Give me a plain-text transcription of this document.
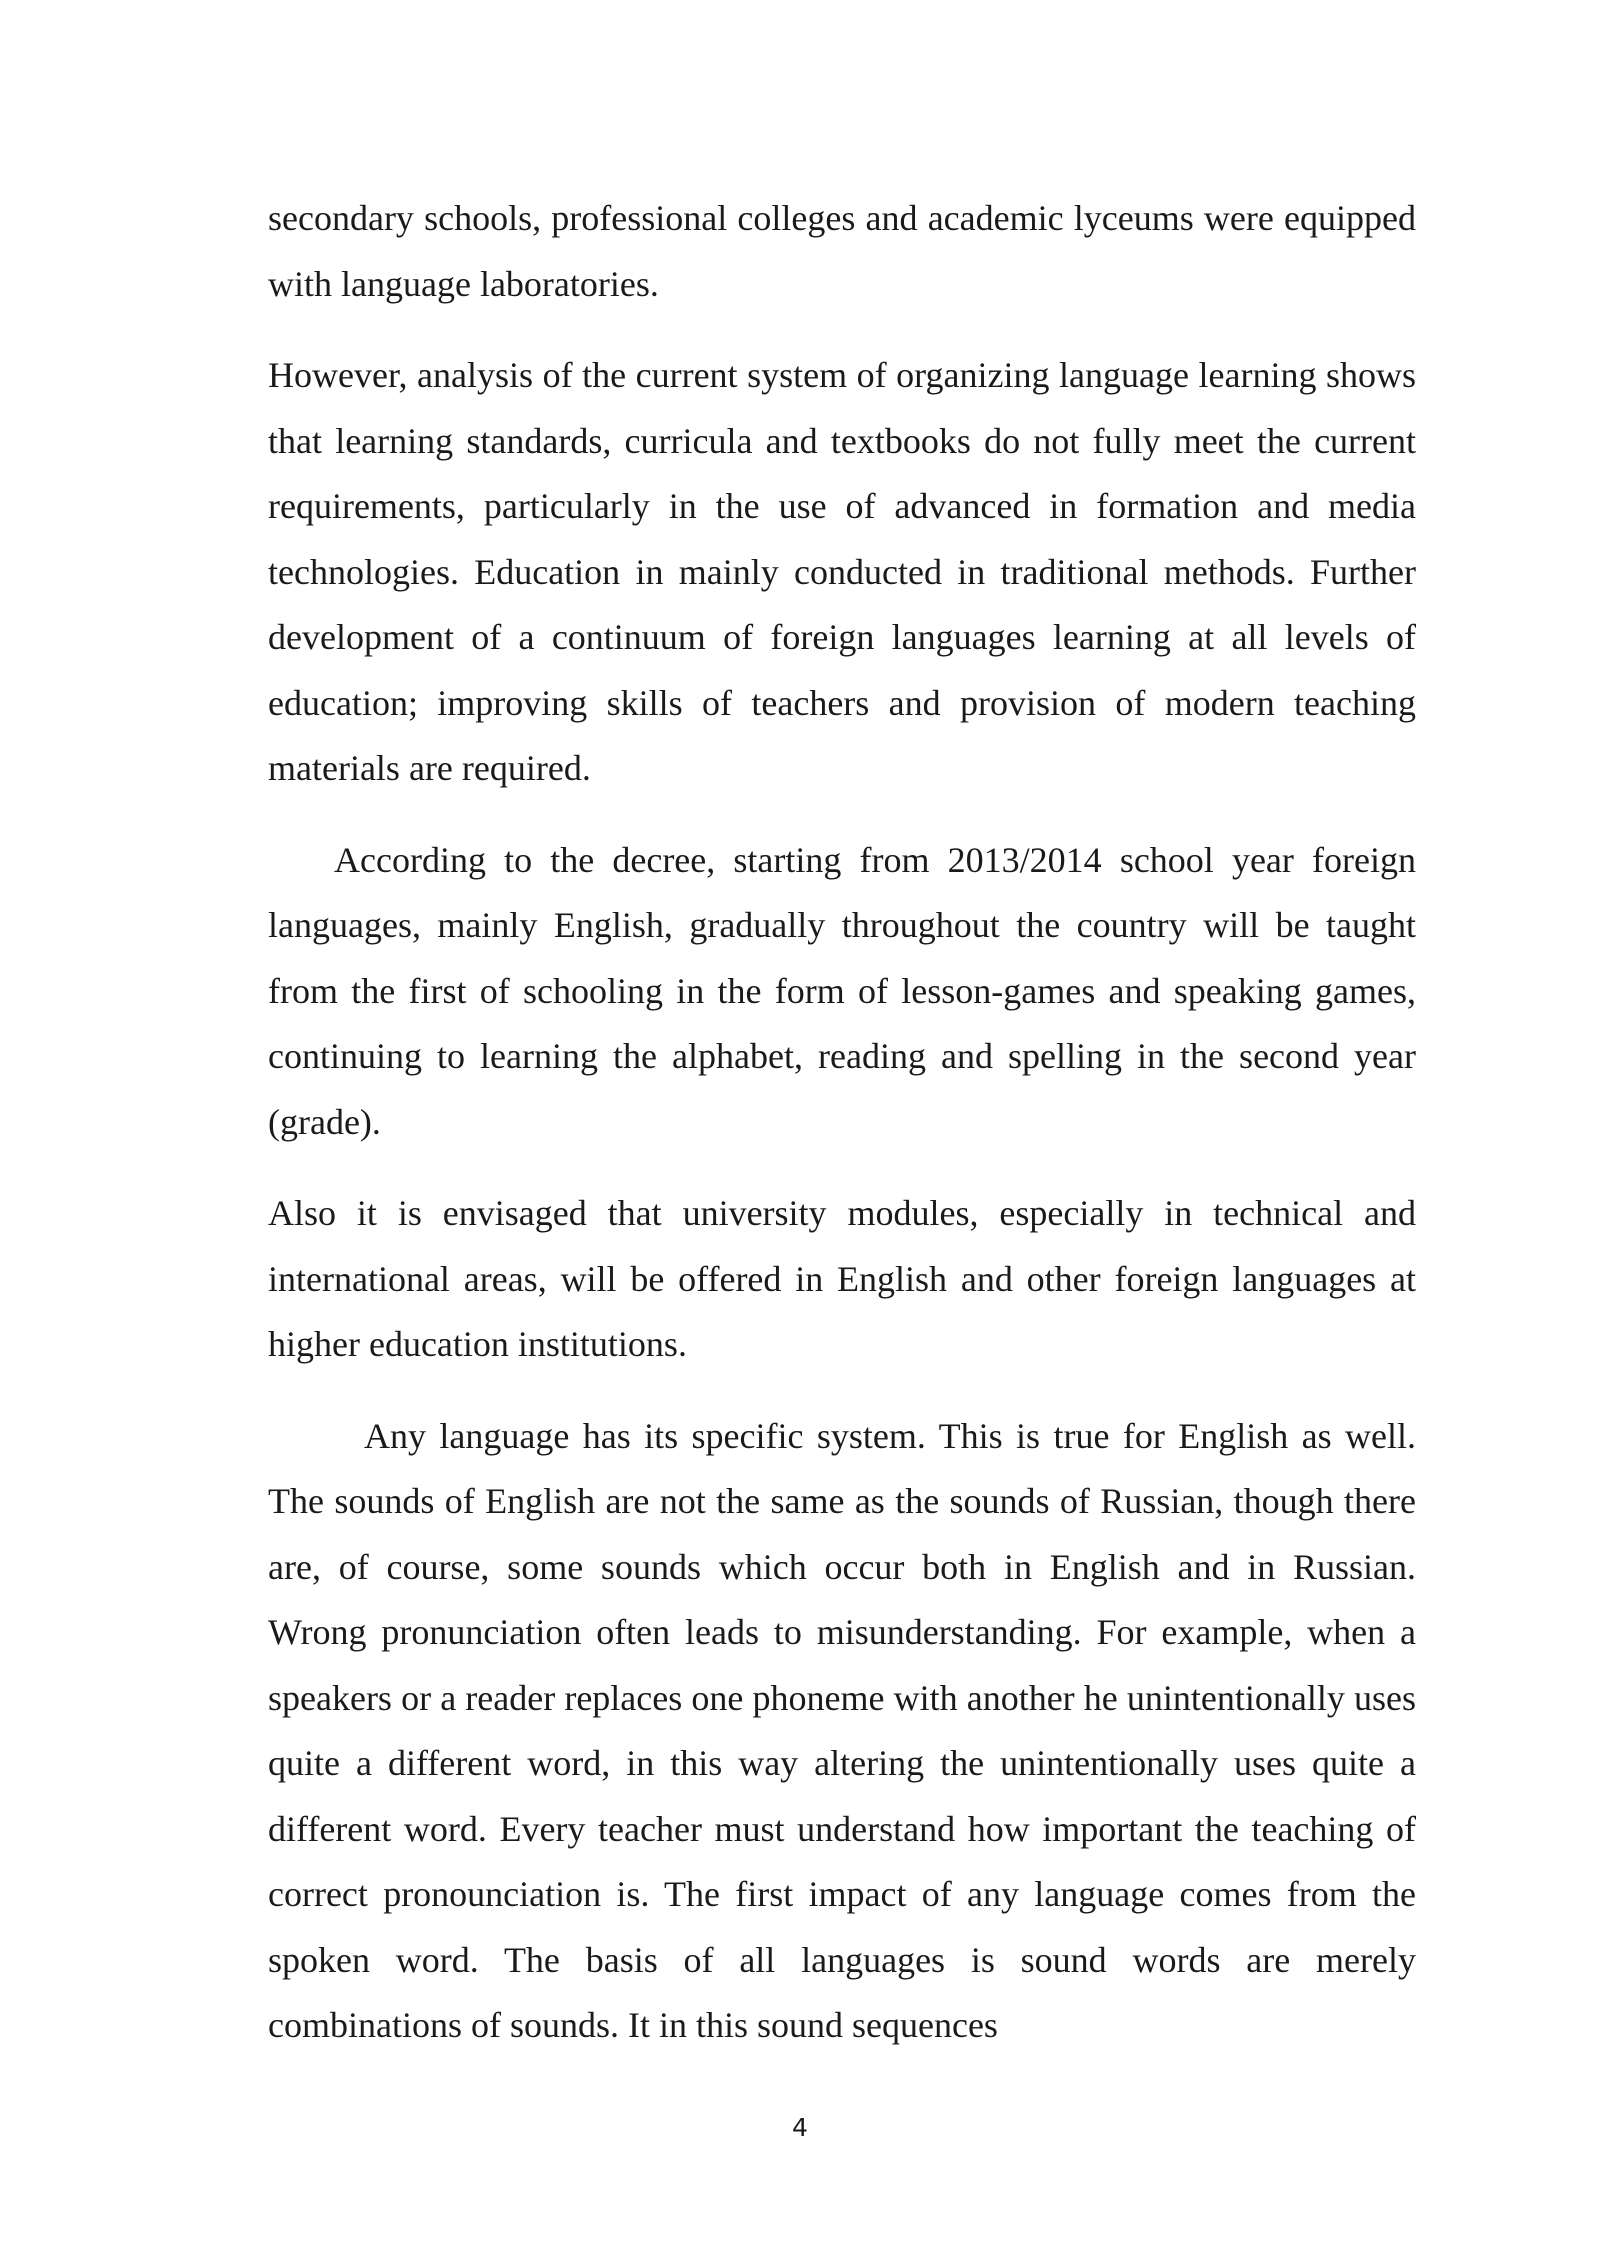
secondary schools, professional colleges and academic lyceums were equipped with language laboratories.

However, analysis of the current system of organizing language learning shows that learning standards, curricula and textbooks do not fully meet the current requirements, particularly in the use of advanced in formation and media technologies. Education in mainly conducted in traditional methods. Further development of a continuum of foreign languages learning at all levels of education; improving skills of teachers and provision of modern teaching materials are required.

According to the decree, starting from 2013/2014 school year foreign languages, mainly English, gradually throughout the country will be taught from the first of schooling in the form of lesson-games and speaking games, continuing to learning the alphabet, reading and spelling in the second year (grade).

Also it is envisaged that university modules, especially in technical and international areas, will be offered in English and other foreign languages at higher education institutions.

Any language has its specific system. This is true for English as well. The sounds of English are not the same as the sounds of Russian, though there are, of course, some sounds which occur both in English and in Russian. Wrong pronunciation often leads to misunderstanding. For example, when a speakers or a reader replaces one phoneme with another he unintentionally uses quite a different word, in this way altering the unintentionally uses quite a different word. Every teacher must understand how important the teaching of correct pronounciation is. The first impact of any language comes from the spoken word. The basis of all languages is sound words are merely combinations of sounds. It in this sound sequences

4
